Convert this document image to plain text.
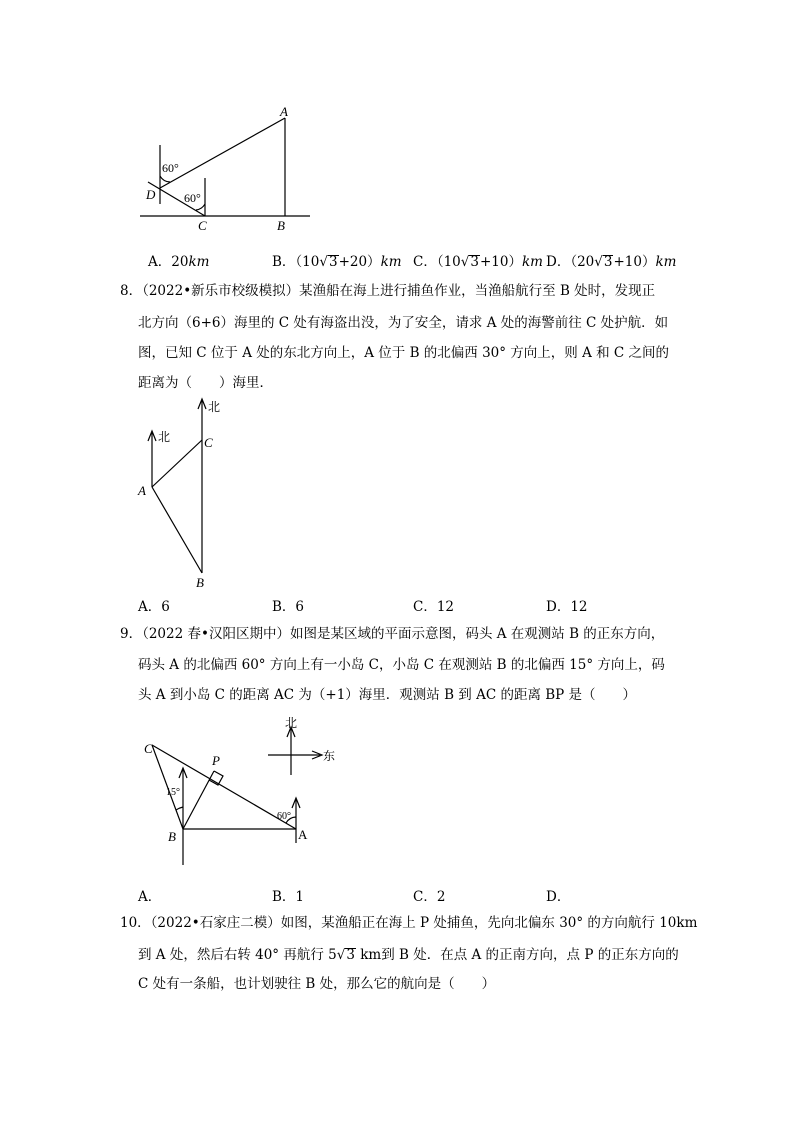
A
B
C
D
60°
60°
A．20km	B．（10√3+20）km C．（10√3+10）km D．（20√3+10）km
8．（2022•新乐市校级模拟）某渔船在海上进行捕鱼作业，当渔船航行至 B 处时，发现正
北方向（6+6）海里的 C 处有海盗出没，为了安全，请求 A 处的海警前往 C 处护航．如
图，已知 C 位于 A 处的东北方向上，A 位于 B 的北偏西 30° 方向上，则 A 和 C 之间的
距离为（　　）海里．
北
北
A
B
C
A．6	B．6	C．12	D．12
9．（2022 春•汉阳区期中）如图是某区域的平面示意图，码头 A 在观测站 B 的正东方向，
码头 A 的北偏西 60° 方向上有一小岛 C，小岛 C 在观测站 B 的北偏西 15° 方向上，码
头 A 到小岛 C 的距离 AC 为（+1）海里．观测站 B 到 AC 的距离 BP 是（　　）
C
P
B	A
15°
60°
北
东
A．	B．1	C．2	D．
10．（2022•石家庄二模）如图，某渔船正在海上 P 处捕鱼，先向北偏东 30° 的方向航行 10km
到 A 处，然后右转 40° 再航行 5√3 km到 B 处．在点 A 的正南方向，点 P 的正东方向的
C 处有一条船，也计划驶往 B 处，那么它的航向是（　　）
